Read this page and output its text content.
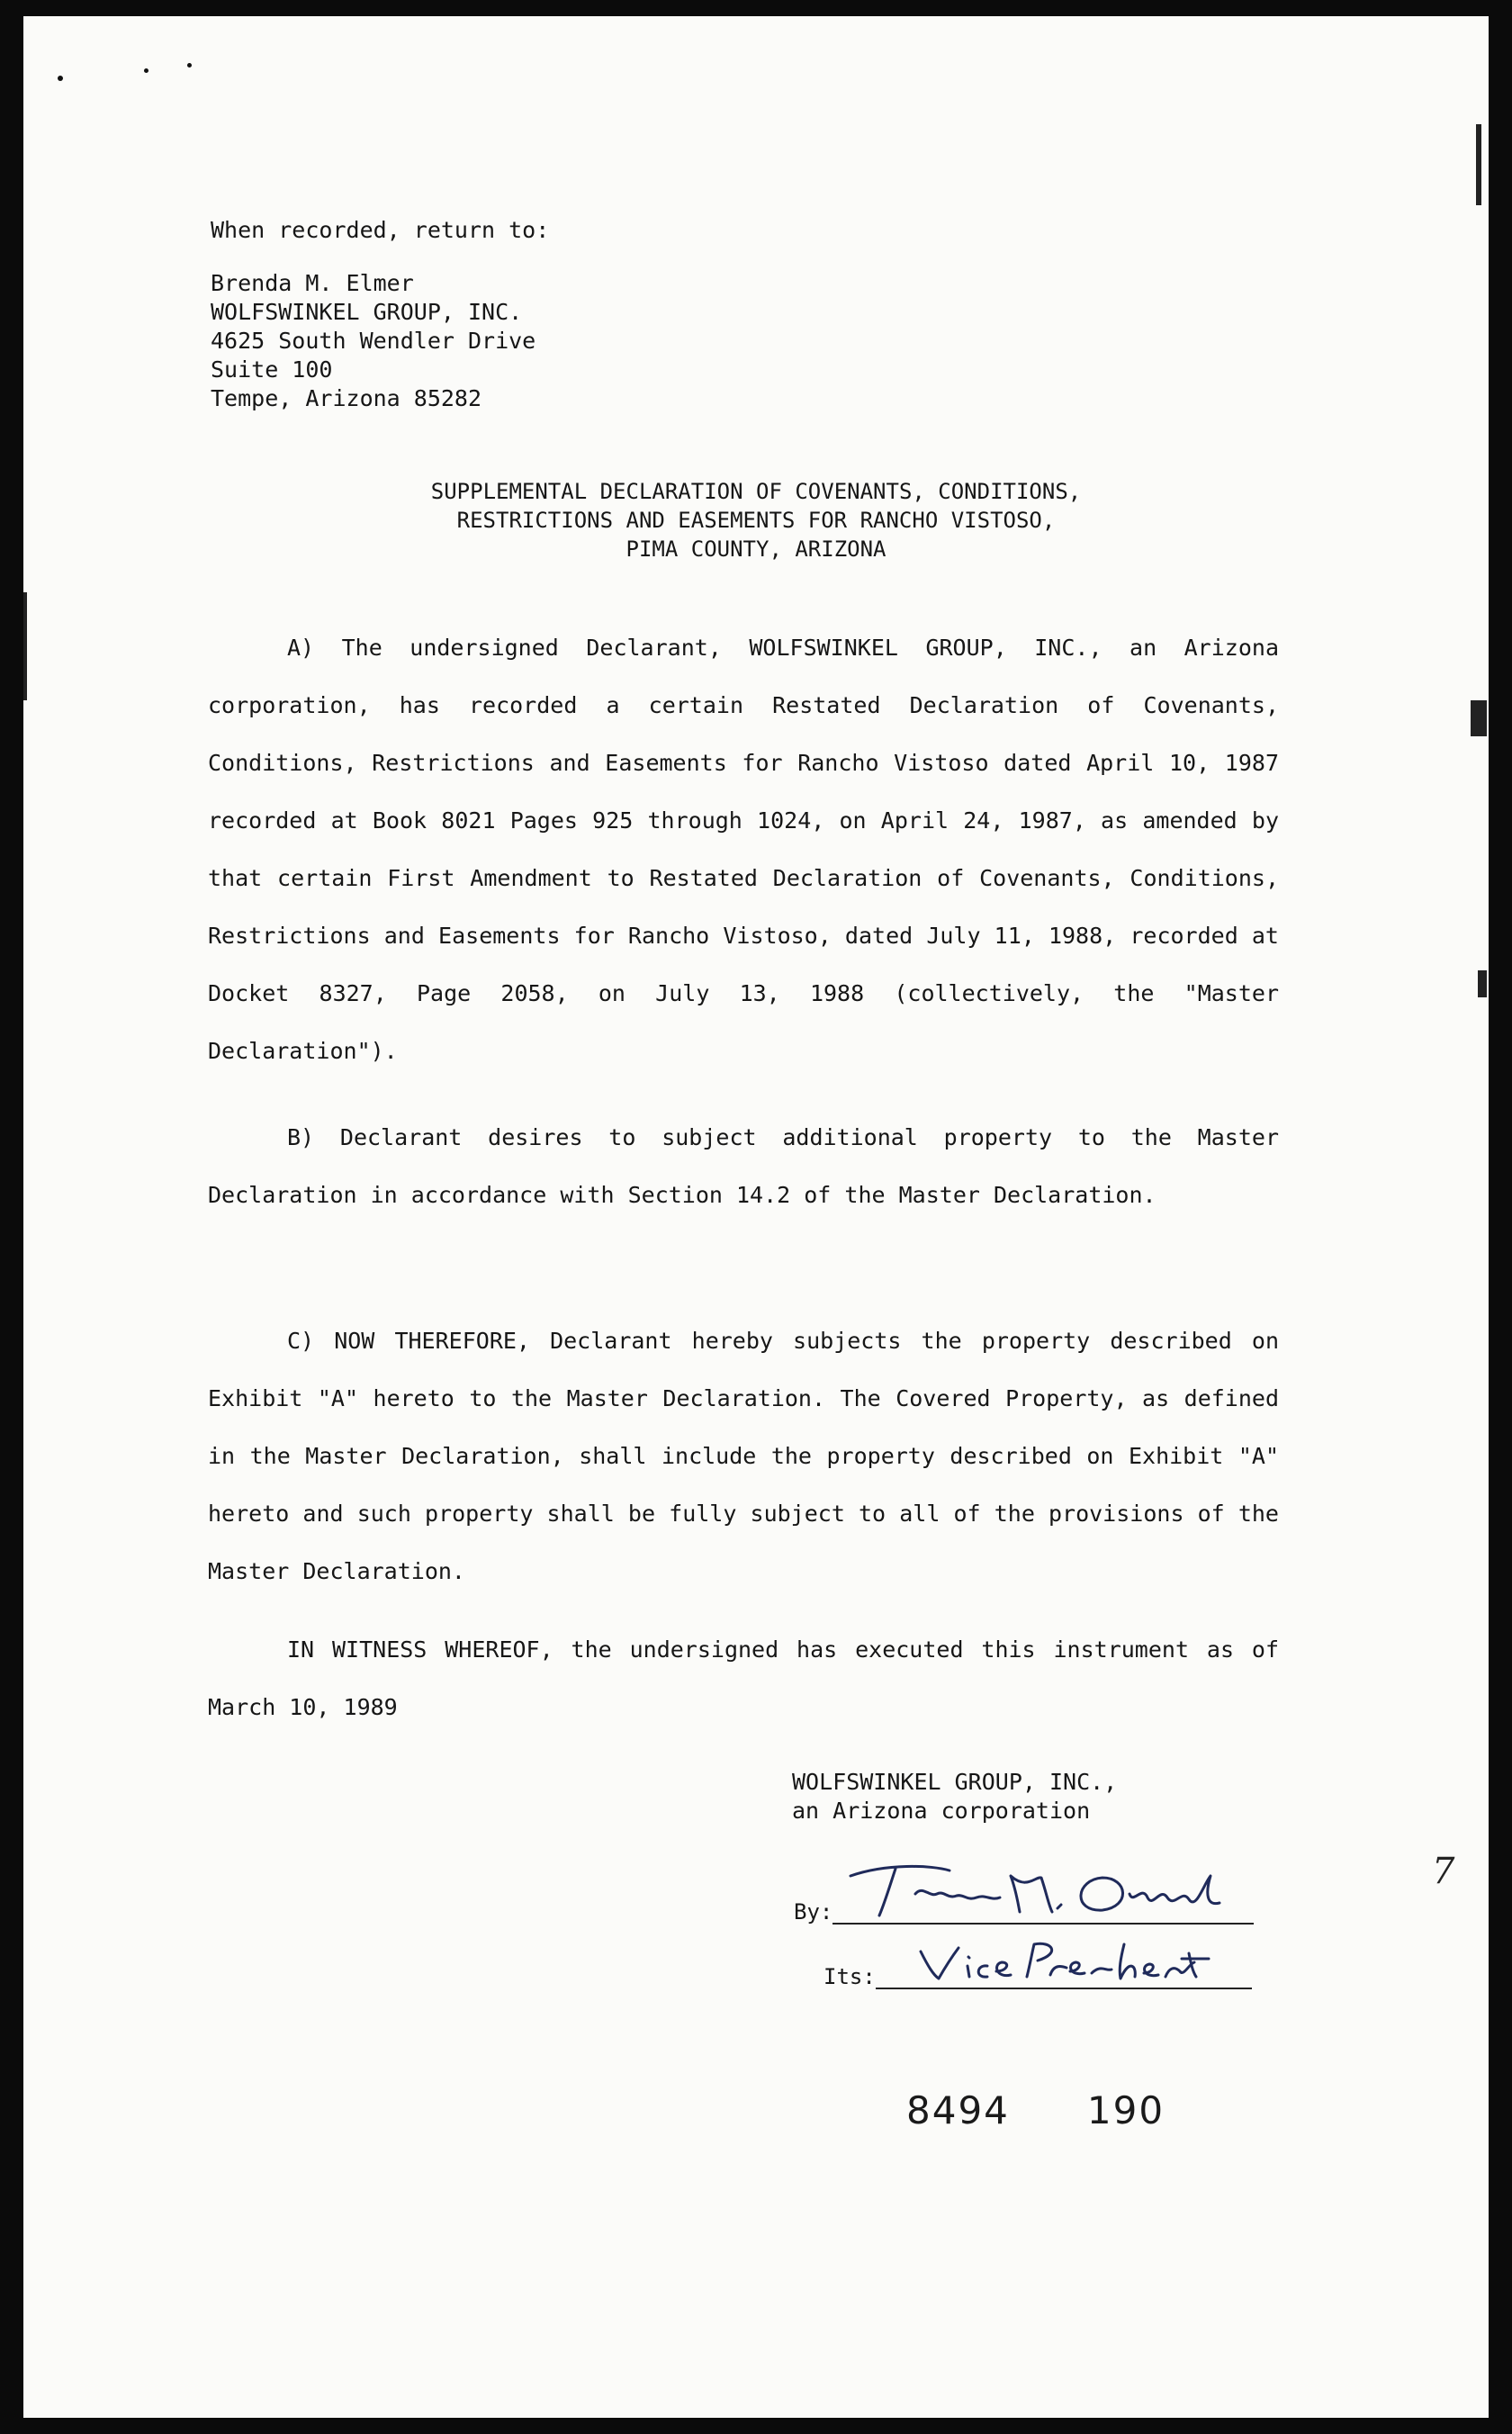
When recorded, return to:
Brenda M. Elmer
WOLFSWINKEL GROUP, INC.
4625 South Wendler Drive
Suite 100
Tempe, Arizona 85282
SUPPLEMENTAL DECLARATION OF COVENANTS, CONDITIONS,
RESTRICTIONS AND EASEMENTS FOR RANCHO VISTOSO,
PIMA COUNTY, ARIZONA
A) The undersigned Declarant, WOLFSWINKEL GROUP, INC., an Arizona corporation, has recorded a certain Restated Declaration of Covenants, Conditions, Restrictions and Easements for Rancho Vistoso dated April 10, 1987 recorded at Book 8021 Pages 925 through 1024, on April 24, 1987, as amended by that certain First Amendment to Restated Declaration of Covenants, Conditions, Restrictions and Easements for Rancho Vistoso, dated July 11, 1988, recorded at Docket 8327, Page 2058, on July 13, 1988 (collectively, the "Master Declaration").
B) Declarant desires to subject additional property to the Master Declaration in accordance with Section 14.2 of the Master Declaration.
C) NOW THEREFORE, Declarant hereby subjects the property described on Exhibit "A" hereto to the Master Declaration. The Covered Property, as defined in the Master Declaration, shall include the property described on Exhibit "A" hereto and such property shall be fully subject to all of the provisions of the Master Declaration.
IN WITNESS WHEREOF, the undersigned has executed this instrument as of March 10, 1989
WOLFSWINKEL GROUP, INC.,
an Arizona corporation
By:
Its:
8494 190
7
